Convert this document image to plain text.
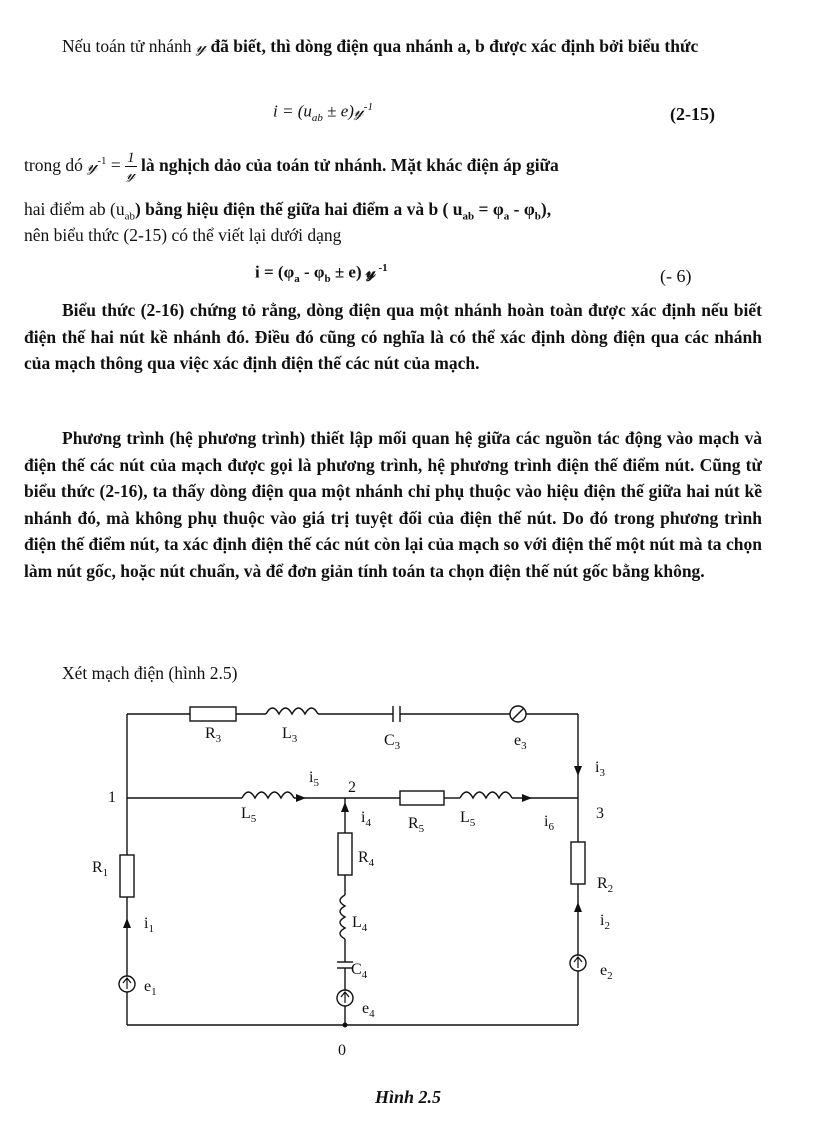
Nếu toán tử nhánh 𝓎 đã biết, thì dòng điện qua nhánh a, b được xác định bởi biểu thức

$i = (u_{ab}$ ± e)𝓎$^{-1}$	(2-15)

trong dó 𝓎$^{-1}$ = $\frac{1}{\text{𝓎}}$ là nghịch dảo của toán tử nhánh. Mặt khác điện áp giữa

hai điểm ab $(u_{ab})$ bằng hiệu điện thế giữa hai điểm a và b ( $u_{ab} = \varphi_a - \varphi_b$),

nên biểu thức (2-15) có thể viết lại dưới dạng

$i = (\varphi_a - \varphi_b \pm e)$ 𝓎 $^{-1}$	(- 6)

Biểu thức (2-16) chứng tỏ rằng, dòng điện qua một nhánh hoàn toàn được xác định nếu biết điện thế hai nút kề nhánh đó. Điều đó cũng có nghĩa là có thể xác định dòng điện qua các nhánh của mạch thông qua việc xác định điện thế các nút của mạch.

Phương trình (hệ phương trình) thiết lập mối quan hệ giữa các nguồn tác động vào mạch và điện thế các nút của mạch được gọi là phương trình, hệ phương trình điện thế điểm nút. Cũng từ biểu thức (2-16), ta thấy dòng điện qua một nhánh chỉ phụ thuộc vào hiệu điện thế giữa hai nút kề nhánh đó, mà không phụ thuộc vào giá trị tuyệt đối của điện thế nút. Do đó trong phương trình điện thế điểm nút, ta xác định điện thế các nút còn lại của mạch so với điện thế một nút mà ta chọn làm nút gốc, hoặc nút chuẩn, và để đơn giản tính toán ta chọn điện thế nút gốc bằng không.

Xét mạch điện (hình 2.5)

$R_3$	$L_3$	$C_3$	$e_3$
$i_3$
1
2
3
0
$L_5$
$i_5$
$i_4$ $R_5$
$L_5$	$i_6$
$R_1$
$i_1$
$e_1$
$R_4$
$L_4$
$C_4$
$e_4$
$R_2$
$i_2$
$e_2$
Hình 2.5
